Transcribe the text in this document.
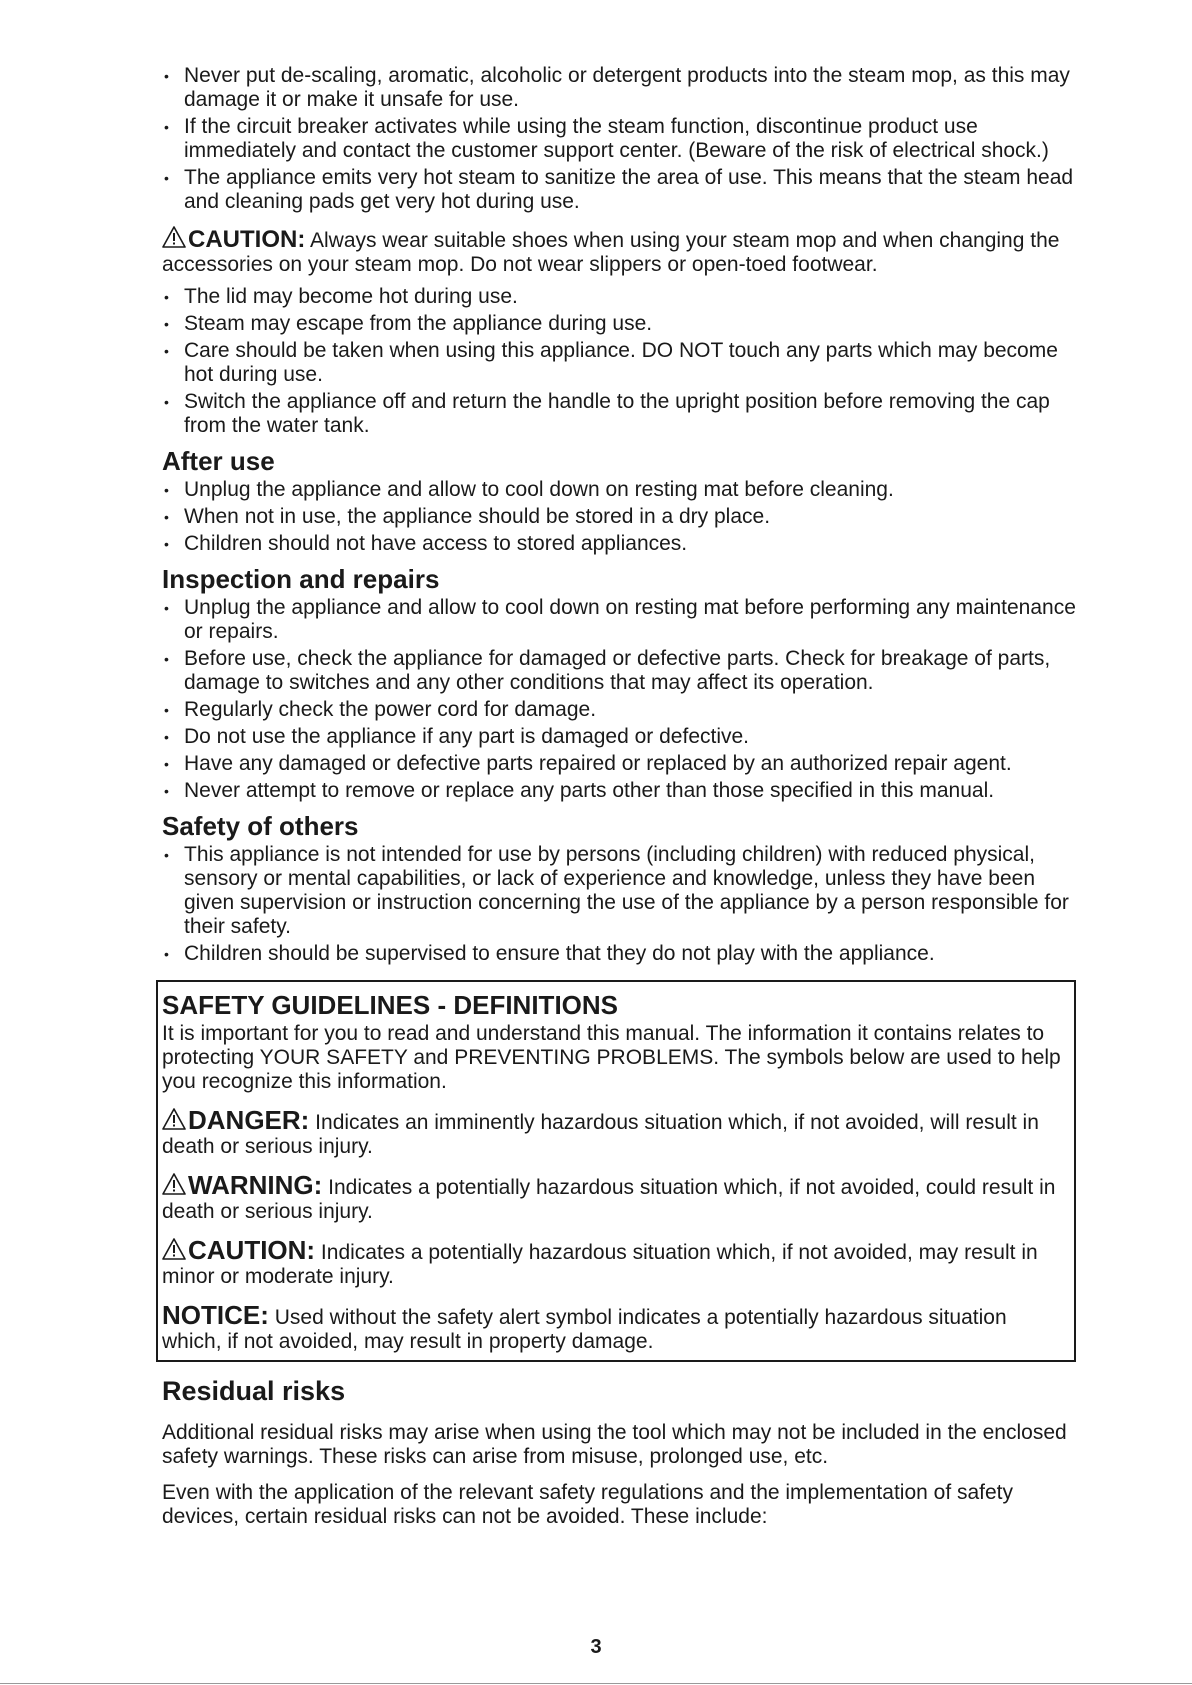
• Never put de-scaling, aromatic, alcoholic or detergent products into the steam mop, as this may damage it or make it unsafe for use.
• If the circuit breaker activates while using the steam function, discontinue product use immediately and contact the customer support center. (Beware of the risk of electrical shock.)
• The appliance emits very hot steam to sanitize the area of use. This means that the steam head and cleaning pads get very hot during use.

CAUTION: Always wear suitable shoes when using your steam mop and when changing the accessories on your steam mop. Do not wear slippers or open-toed footwear.

• The lid may become hot during use.
• Steam may escape from the appliance during use.
• Care should be taken when using this appliance. DO NOT touch any parts which may become hot during use.
• Switch the appliance off and return the handle to the upright position before removing the cap from the water tank.
After use
• Unplug the appliance and allow to cool down on resting mat before cleaning.
• When not in use, the appliance should be stored in a dry place.
• Children should not have access to stored appliances.
Inspection and repairs
• Unplug the appliance and allow to cool down on resting mat before performing any maintenance or repairs.
• Before use, check the appliance for damaged or defective parts. Check for breakage of parts, damage to switches and any other conditions that may affect its operation.
• Regularly check the power cord for damage.
• Do not use the appliance if any part is damaged or defective.
• Have any damaged or defective parts repaired or replaced by an authorized repair agent.
• Never attempt to remove or replace any parts other than those specified in this manual.
Safety of others
• This appliance is not intended for use by persons (including children) with reduced physical, sensory or mental capabilities, or lack of experience and knowledge, unless they have been given supervision or instruction concerning the use of the appliance by a person responsible for their safety.
• Children should be supervised to ensure that they do not play with the appliance.
SAFETY GUIDELINES - DEFINITIONS

It is important for you to read and understand this manual. The information it contains relates to protecting YOUR SAFETY and PREVENTING PROBLEMS. The symbols below are used to help you recognize this information.

DANGER: Indicates an imminently hazardous situation which, if not avoided, will result in death or serious injury.

WARNING: Indicates a potentially hazardous situation which, if not avoided, could result in death or serious injury.

CAUTION: Indicates a potentially hazardous situation which, if not avoided, may result in minor or moderate injury.

NOTICE: Used without the safety alert symbol indicates a potentially hazardous situation which, if not avoided, may result in property damage.

Residual risks

Additional residual risks may arise when using the tool which may not be included in the enclosed safety warnings. These risks can arise from misuse, prolonged use, etc.

Even with the application of the relevant safety regulations and the implementation of safety devices, certain residual risks can not be avoided. These include:

3
